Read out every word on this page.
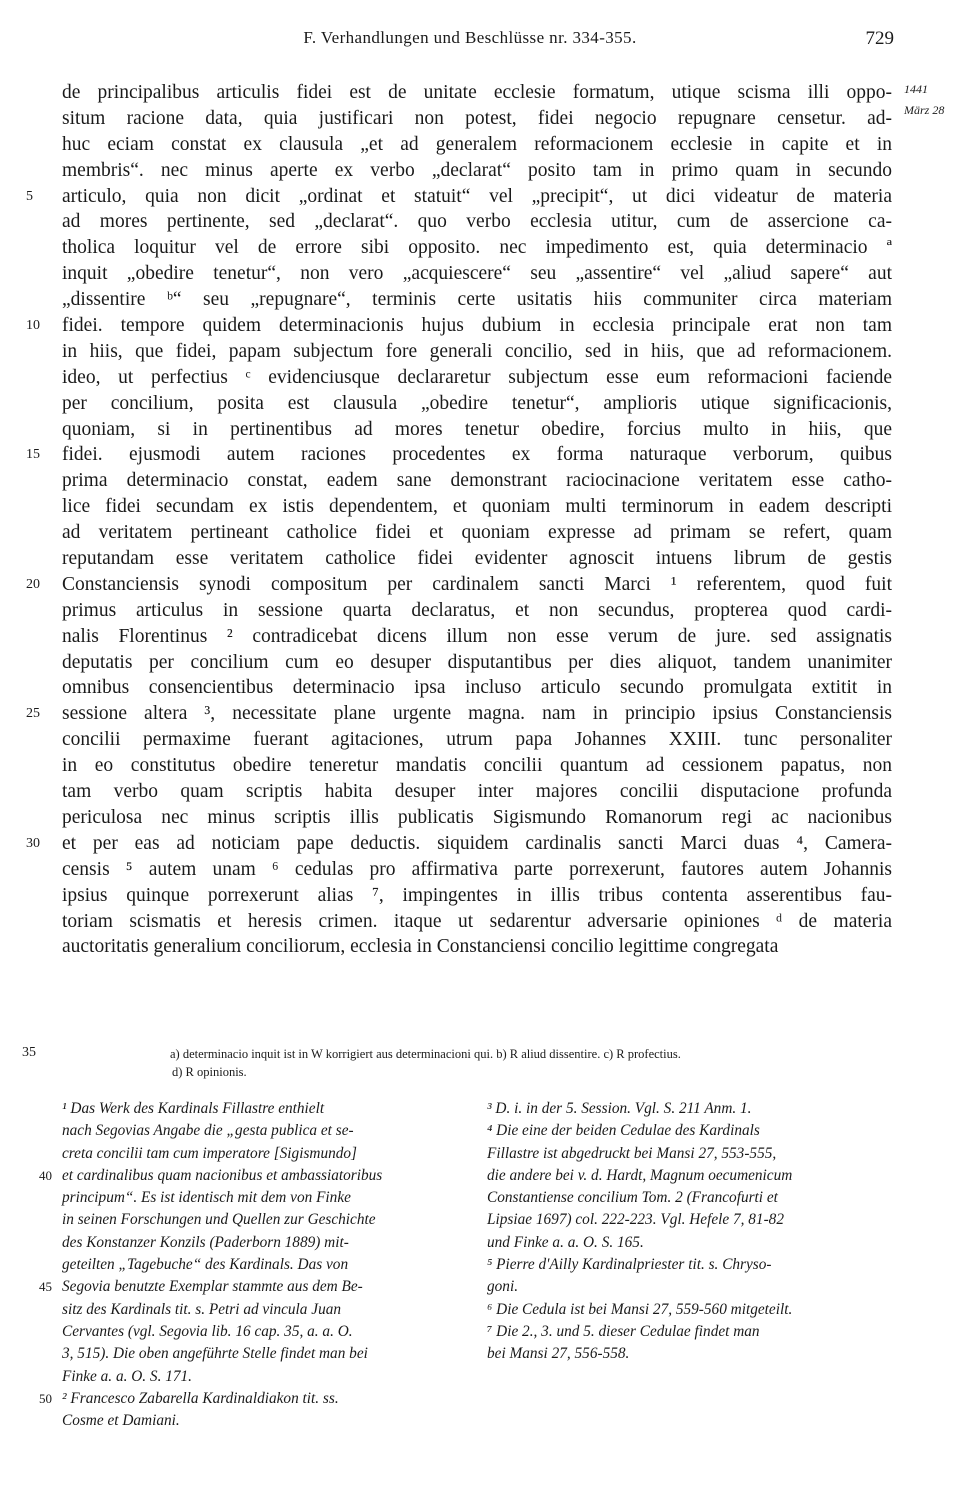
F. Verhandlungen und Beschlüsse nr. 334-355.	729
1441
März 28
de principalibus articulis fidei est de unitate ecclesie formatum, utique scisma illi oppo-
situm racione data, quia justificari non potest, fidei negocio repugnare censetur. ad-
huc eciam constat ex clausula „et ad generalem reformacionem ecclesie in capite et in
membris“. nec minus aperte ex verbo „declarat“ posito tam in primo quam in secundo
articulo, quia non dicit „ordinat et statuit“ vel „precipit“, ut dici videatur de materia
5
ad mores pertinente, sed „declarat“. quo verbo ecclesia utitur, cum de assercione ca-
tholica loquitur vel de errore sibi opposito. nec impedimento est, quia determinacio ª
inquit „obedire tenetur“, non vero „acquiescere“ seu „assentire“ vel „aliud sapere“ aut
„dissentire ᵇ“ seu „repugnare“, terminis certe usitatis hiis communiter circa materiam
fidei. tempore quidem determinacionis hujus dubium in ecclesia principale erat non tam
10
in hiis, que fidei, papam subjectum fore generali concilio, sed in hiis, que ad reformacionem.
ideo, ut perfectius ᶜ evidenciusque declararetur subjectum esse eum reformacioni faciende
per concilium, posita est clausula „obedire tenetur“, amplioris utique significacionis,
quoniam, si in pertinentibus ad mores tenetur obedire, forcius multo in hiis, que
fidei. ejusmodi autem raciones procedentes ex forma naturaque verborum, quibus
15
prima determinacio constat, eadem sane demonstrant raciocinacione veritatem esse catho-
lice fidei secundam ex istis dependentem, et quoniam multi terminorum in eadem descripti
ad veritatem pertineant catholice fidei et quoniam expresse ad primam se refert, quam
reputandam esse veritatem catholice fidei evidenter agnoscit intuens librum de gestis
Constanciensis synodi compositum per cardinalem sancti Marci ¹ referentem, quod fuit
20
primus articulus in sessione quarta declaratus, et non secundus, propterea quod cardi-
nalis Florentinus ² contradicebat dicens illum non esse verum de jure. sed assignatis
deputatis per concilium cum eo desuper disputantibus per dies aliquot, tandem unanimiter
omnibus consencientibus determinacio ipsa incluso articulo secundo promulgata extitit in
sessione altera ³, necessitate plane urgente magna. nam in principio ipsius Constanciensis
25
concilii permaxime fuerant agitaciones, utrum papa Johannes XXIII. tunc personaliter
in eo constitutus obedire teneretur mandatis concilii quantum ad cessionem papatus, non
tam verbo quam scriptis habita desuper inter majores concilii disputacione profunda
periculosa nec minus scriptis illis publicatis Sigismundo Romanorum regi ac nacionibus
et per eas ad noticiam pape deductis. siquidem cardinalis sancti Marci duas ⁴, Camera-
30
censis ⁵ autem unam ⁶ cedulas pro affirmativa parte porrexerunt, fautores autem Johannis
ipsius quinque porrexerunt alias ⁷, impingentes in illis tribus contenta asserentibus fau-
toriam scismatis et heresis crimen. itaque ut sedarentur adversarie opiniones ᵈ de materia
auctoritatis generalium conciliorum, ecclesia in Constanciensi concilio legittime congregata
35	a) determinacio inquit ist in W korrigiert aus determinacioni qui. b) R aliud dissentire. c) R profectius.
d) R opinionis.
¹ Das Werk des Kardinals Fillastre enthielt
nach Segovias Angabe die „gesta publica et se-
creta concilii tam cum imperatore [Sigismundo]
et cardinalibus quam nacionibus et ambassiatoribus
40
principum“. Es ist identisch mit dem von Finke
in seinen Forschungen und Quellen zur Geschichte
des Konstanzer Konzils (Paderborn 1889) mit-
geteilten „Tagebuche“ des Kardinals. Das von
Segovia benutzte Exemplar stammte aus dem Be-
45
sitz des Kardinals tit. s. Petri ad vincula Juan
Cervantes (vgl. Segovia lib. 16 cap. 35, a. a. O.
3, 515). Die oben angeführte Stelle findet man bei
Finke a. a. O. S. 171.
² Francesco Zabarella Kardinaldiakon tit. ss.
50
Cosme et Damiani.
³ D. i. in der 5. Session. Vgl. S. 211 Anm. 1.
⁴ Die eine der beiden Cedulae des Kardinals
Fillastre ist abgedruckt bei Mansi 27, 553-555,
die andere bei v. d. Hardt, Magnum oecumenicum
Constantiense concilium Tom. 2 (Francofurti et
Lipsiae 1697) col. 222-223. Vgl. Hefele 7, 81-82
und Finke a. a. O. S. 165.
⁵ Pierre d'Ailly Kardinalpriester tit. s. Chryso-
goni.
⁶ Die Cedula ist bei Mansi 27, 559-560 mitgeteilt.
⁷ Die 2., 3. und 5. dieser Cedulae findet man
bei Mansi 27, 556-558.
